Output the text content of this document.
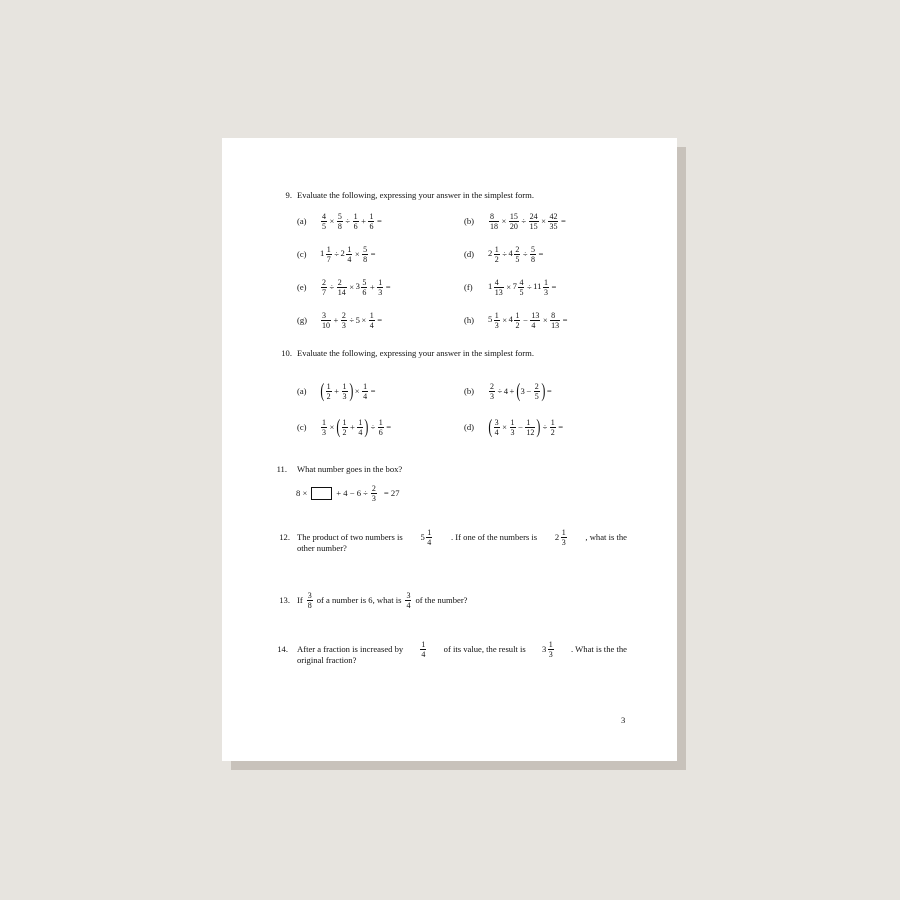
9. Evaluate the following, expressing your answer in the simplest form.
$(a) \frac{4}{5} \times \frac{5}{8} \div \frac{1}{6} + \frac{1}{6}$ =	$(b) \frac{8}{18} \times \frac{15}{20} \div \frac{24}{15} \times \frac{42}{35}$ =
(c) $1 \frac{1}{7} \div 2 \frac{1}{4} \times \frac{5}{8}$ =	(d) $2 \frac{1}{2} \div 4 \frac{2}{5} \div \frac{5}{8}$ =
$(e) \frac{2}{7} \div \frac{2}{14} \times 3 \frac{5}{6} + \frac{1}{3}$ =	(f) $1 \frac{4}{13} \times 7 \frac{4}{5} \div 11 \frac{1}{3}$ =
$(g) \frac{3}{10} + \frac{2}{3} \div 5 \times \frac{1}{4}$ =	(h) $5 \frac{1}{3} \times 4 \frac{1}{2} - \frac{13}{4} \times \frac{8}{13}$ =
10. Evaluate the following, expressing your answer in the simplest form.
(a) ( $\frac{1}{2} + \frac{1}{3}$ ) × $\frac{1}{4}$ =	$(b) \frac{2}{3} \div 4$ + ( $3 - \frac{2}{5}$ ) =
$(c) \frac{1}{3}$ × ( $\frac{1}{2} + \frac{1}{4}$ ) ÷ $\frac{1}{6}$ =	(d) ( $\frac{3}{4} \times \frac{1}{3} - \frac{1}{12}$ ) ÷ $\frac{1}{2}$ =
11. What number goes in the box?
8 ×	+ $4 - 6 \div \frac{2}{3} = 27$
12. The product of two numbers is $5 \frac{1}{4}$ . If one of the numbers is $2 \frac{1}{3}$ , what is the
other number?
13. If $\frac{3}{8}$ of a number is 6, what is $\frac{3}{4}$ of the number?
14. After a fraction is increased by $\frac{1}{4}$ of its value, the result is $3 \frac{1}{3}$ . What is the the
original fraction?
3
